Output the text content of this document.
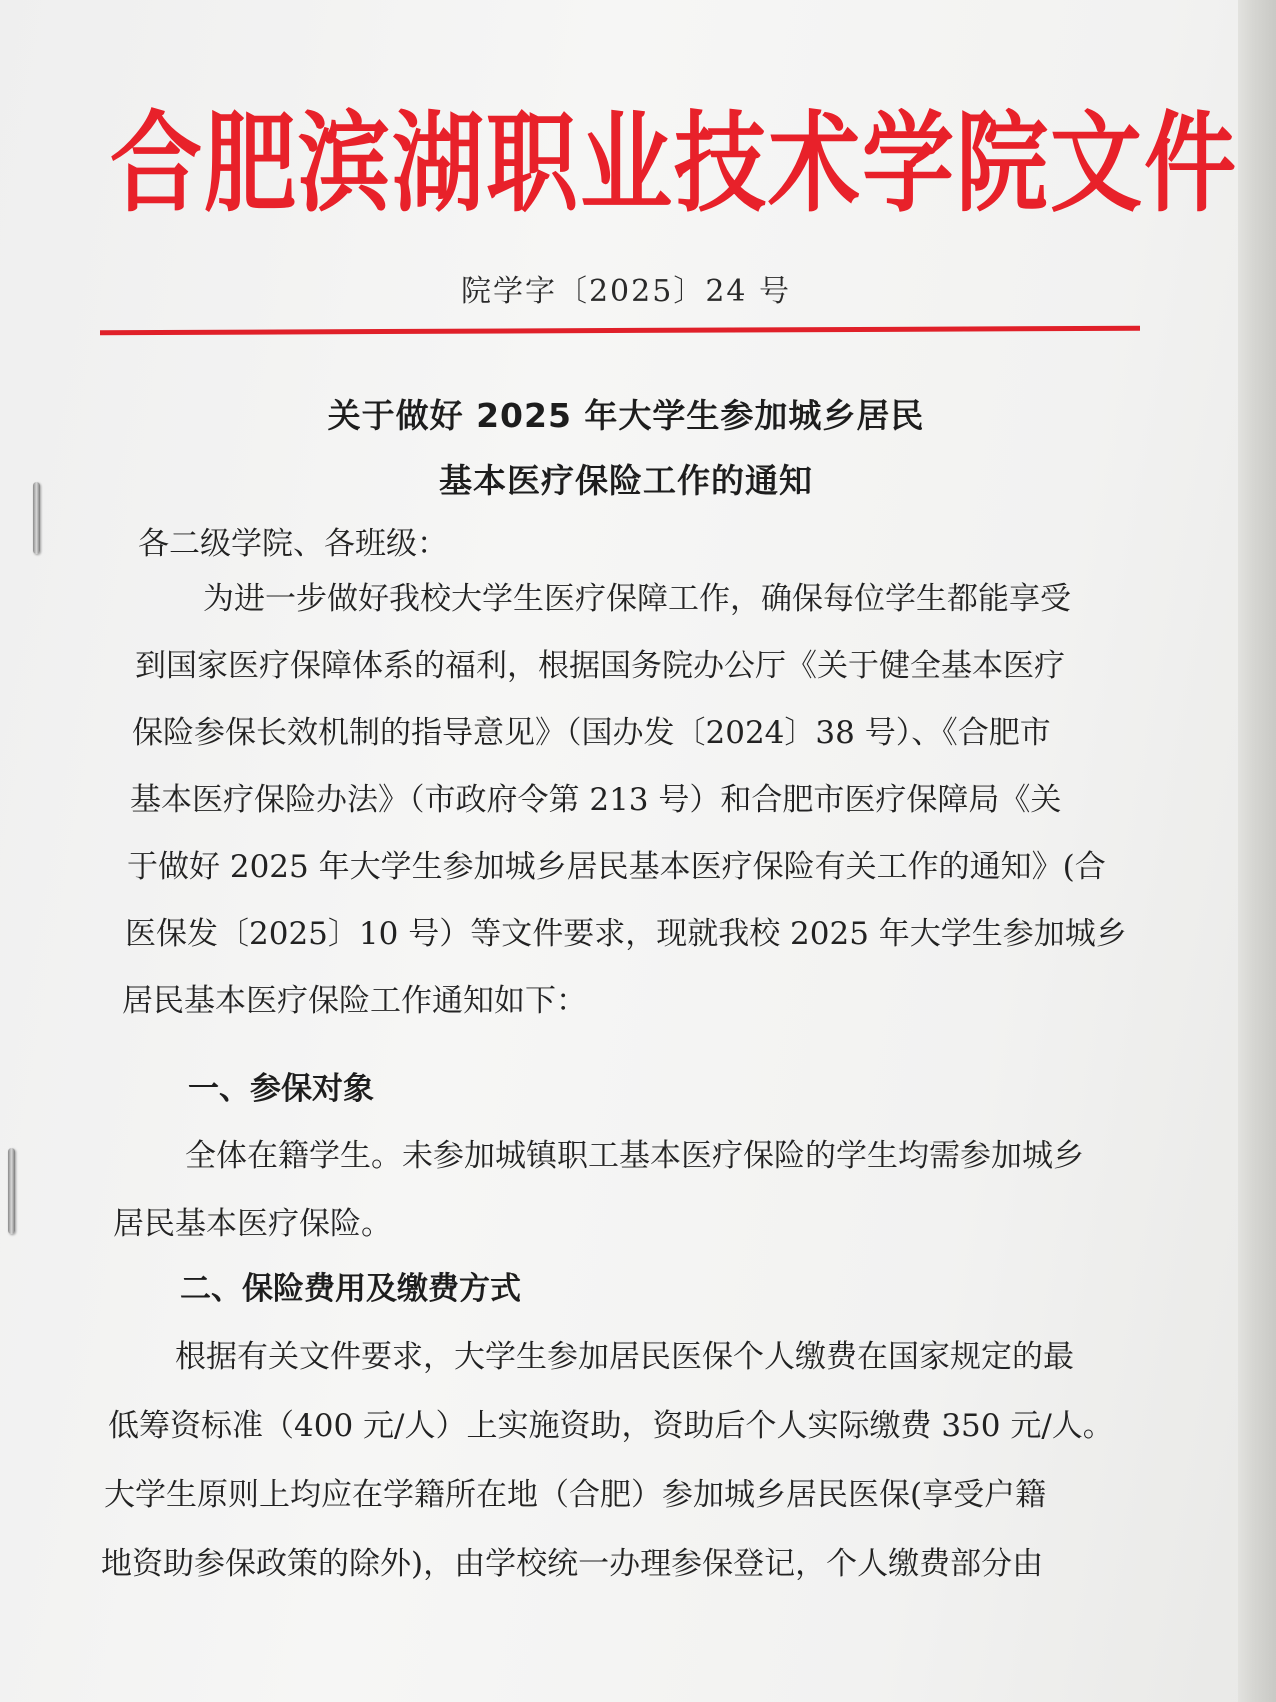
合肥滨湖职业技术学院文件
院学字〔2025〕24 号
关于做好 2025 年大学生参加城乡居民
基本医疗保险工作的通知

各二级学院、各班级：

为进一步做好我校大学生医疗保障工作，确保每位学生都能享受

到国家医疗保障体系的福利，根据国务院办公厅《关于健全基本医疗

保险参保长效机制的指导意见》（国办发〔2024〕38 号）、《合肥市

基本医疗保险办法》（市政府令第 213 号）和合肥市医疗保障局《关

于做好 2025 年大学生参加城乡居民基本医疗保险有关工作的通知》(合

医保发〔2025〕10 号）等文件要求，现就我校 2025 年大学生参加城乡

居民基本医疗保险工作通知如下：

一、参保对象

全体在籍学生。未参加城镇职工基本医疗保险的学生均需参加城乡

居民基本医疗保险。

二、保险费用及缴费方式

根据有关文件要求，大学生参加居民医保个人缴费在国家规定的最

低筹资标准（400 元/人）上实施资助，资助后个人实际缴费 350 元/人。

大学生原则上均应在学籍所在地（合肥）参加城乡居民医保(享受户籍

地资助参保政策的除外)，由学校统一办理参保登记，个人缴费部分由
